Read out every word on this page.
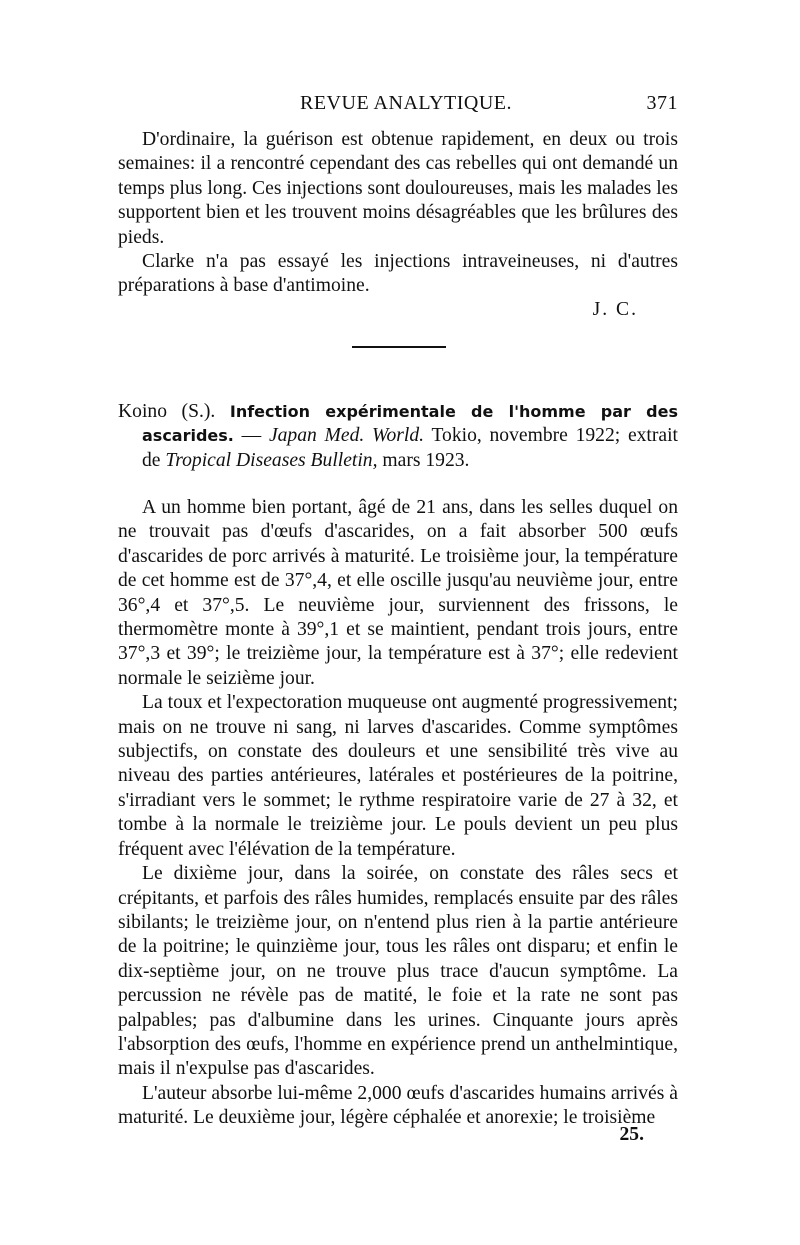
REVUE ANALYTIQUE.	371

D'ordinaire, la guérison est obtenue rapidement, en deux ou trois semaines: il a rencontré cependant des cas rebelles qui ont demandé un temps plus long. Ces injections sont douloureuses, mais les malades les supportent bien et les trouvent moins désagréables que les brûlures des pieds.

Clarke n'a pas essayé les injections intraveineuses, ni d'autres préparations à base d'antimoine.

J. C.

Koino (S.). Infection expérimentale de l'homme par des ascarides. — Japan Med. World. Tokio, novembre 1922; extrait de Tropical Diseases Bulletin, mars 1923.

A un homme bien portant, âgé de 21 ans, dans les selles duquel on ne trouvait pas d'œufs d'ascarides, on a fait absorber 500 œufs d'ascarides de porc arrivés à maturité. Le troisième jour, la température de cet homme est de 37°,4, et elle oscille jusqu'au neuvième jour, entre 36°,4 et 37°,5. Le neuvième jour, surviennent des frissons, le thermomètre monte à 39°,1 et se maintient, pendant trois jours, entre 37°,3 et 39°; le treizième jour, la température est à 37°; elle redevient normale le seizième jour.

La toux et l'expectoration muqueuse ont augmenté progressivement; mais on ne trouve ni sang, ni larves d'ascarides. Comme symptômes subjectifs, on constate des douleurs et une sensibilité très vive au niveau des parties antérieures, latérales et postérieures de la poitrine, s'irradiant vers le sommet; le rythme respiratoire varie de 27 à 32, et tombe à la normale le treizième jour. Le pouls devient un peu plus fréquent avec l'élévation de la température.

Le dixième jour, dans la soirée, on constate des râles secs et crépitants, et parfois des râles humides, remplacés ensuite par des râles sibilants; le treizième jour, on n'entend plus rien à la partie antérieure de la poitrine; le quinzième jour, tous les râles ont disparu; et enfin le dix-septième jour, on ne trouve plus trace d'aucun symptôme. La percussion ne révèle pas de matité, le foie et la rate ne sont pas palpables; pas d'albumine dans les urines. Cinquante jours après l'absorption des œufs, l'homme en expérience prend un anthelmintique, mais il n'expulse pas d'ascarides.

L'auteur absorbe lui-même 2,000 œufs d'ascarides humains arrivés à maturité. Le deuxième jour, légère céphalée et anorexie; le troisième

25.
